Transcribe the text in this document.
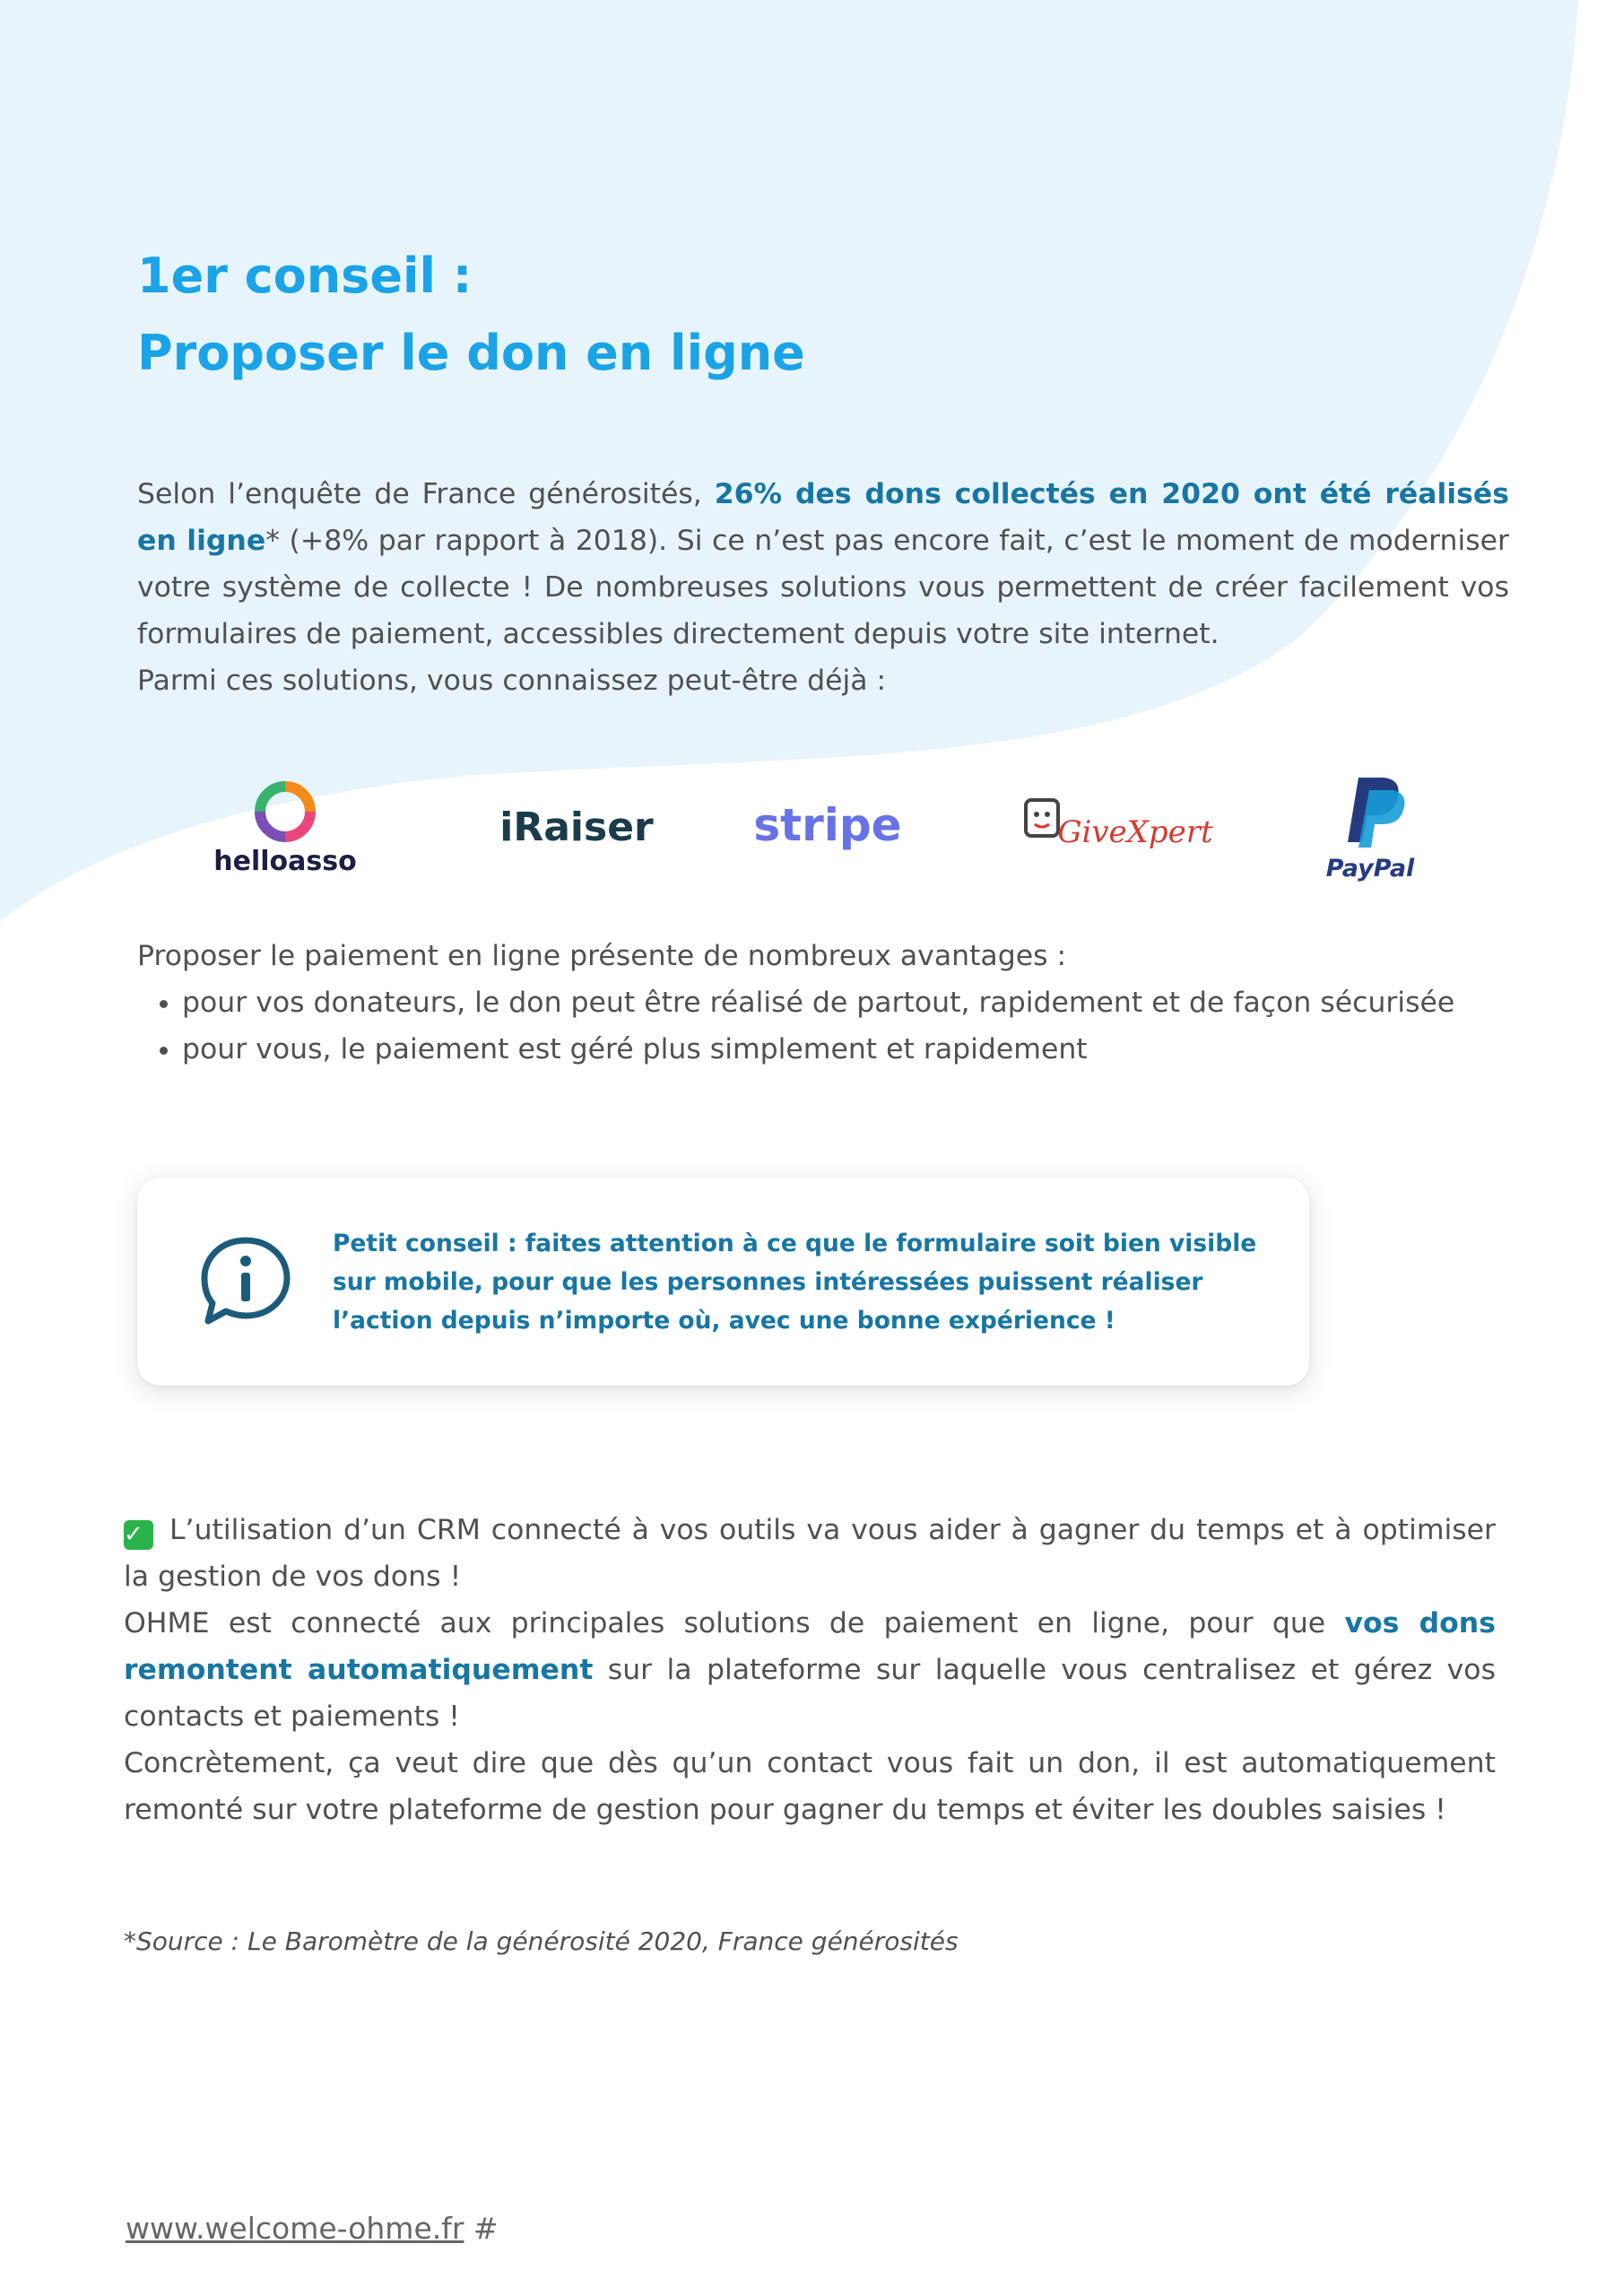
1er conseil :
Proposer le don en ligne

Selon l’enquête de France générosités, 26% des dons collectés en 2020 ont été réalisés en ligne* (+8% par rapport à 2018). Si ce n’est pas encore fait, c’est le moment de moderniser votre système de collecte ! De nombreuses solutions vous permettent de créer facilement vos formulaires de paiement, accessibles directement depuis votre site internet.

Parmi ces solutions, vous connaissez peut-être déjà :

helloasso
iRaiser stripe	GiveXpert
PayPal

Proposer le paiement en ligne présente de nombreux avantages :

• pour vos donateurs, le don peut être réalisé de partout, rapidement et de façon sécurisée
• pour vous, le paiement est géré plus simplement et rapidement
Petit conseil : faites attention à ce que le formulaire soit bien visible sur mobile, pour que les personnes intéressées puissent réaliser l’action depuis n’importe où, avec une bonne expérience !

✓ L’utilisation d’un CRM connecté à vos outils va vous aider à gagner du temps et à optimiser la gestion de vos dons !

OHME est connecté aux principales solutions de paiement en ligne, pour que vos dons remontent automatiquement sur la plateforme sur laquelle vous centralisez et gérez vos contacts et paiements !

Concrètement, ça veut dire que dès qu’un contact vous fait un don, il est automatiquement remonté sur votre plateforme de gestion pour gagner du temps et éviter les doubles saisies !

*Source : Le Baromètre de la générosité 2020, France générosités
www.welcome-ohme.fr #
